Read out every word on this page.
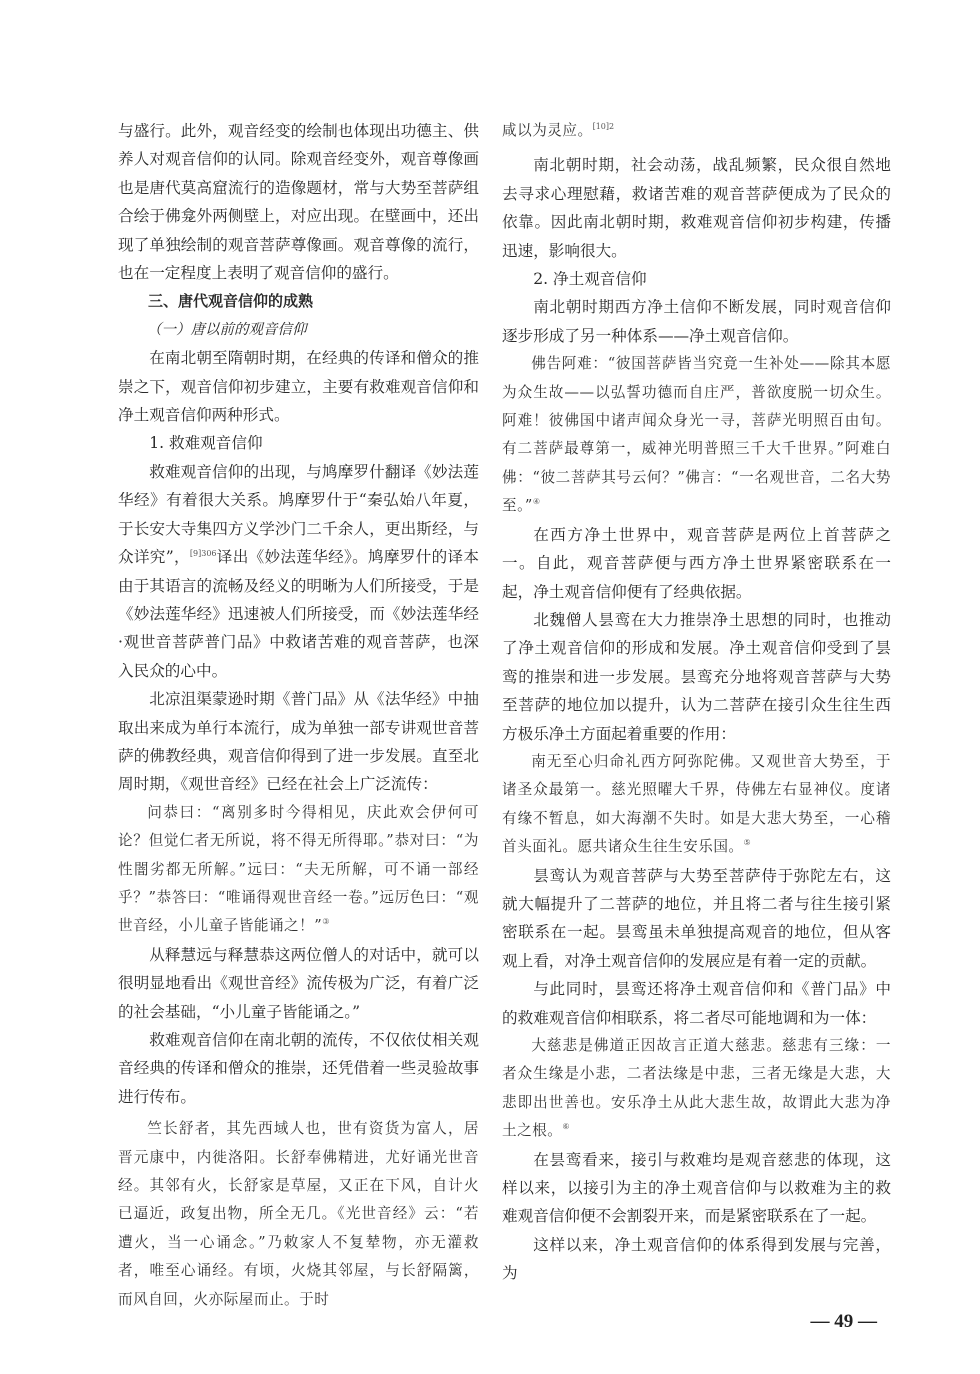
与盛行。此外，观音经变的绘制也体现出功德主、供养人对观音信仰的认同。除观音经变外，观音尊像画也是唐代莫高窟流行的造像题材，常与大势至菩萨组合绘于佛龛外两侧壁上，对应出现。在壁画中，还出现了单独绘制的观音菩萨尊像画。观音尊像的流行，也在一定程度上表明了观音信仰的盛行。

三、唐代观音信仰的成熟

（一）唐以前的观音信仰

在南北朝至隋朝时期，在经典的传译和僧众的推崇之下，观音信仰初步建立，主要有救难观音信仰和净土观音信仰两种形式。

1. 救难观音信仰

救难观音信仰的出现，与鸠摩罗什翻译《妙法莲华经》有着很大关系。鸠摩罗什于“秦弘始八年夏，于长安大寺集四方义学沙门二千余人，更出斯经，与众详究”，$^{[9]306}$译出《妙法莲华经》。鸠摩罗什的译本由于其语言的流畅及经义的明晰为人们所接受，于是《妙法莲华经》迅速被人们所接受，而《妙法莲华经·观世音菩萨普门品》中救诸苦难的观音菩萨，也深入民众的心中。

北凉沮渠蒙逊时期《普门品》从《法华经》中抽取出来成为单行本流行，成为单独一部专讲观世音菩萨的佛教经典，观音信仰得到了进一步发展。直至北周时期，《观世音经》已经在社会上广泛流传：

问恭曰：“离别多时今得相见，庆此欢会伊何可论？但觉仁者无所说，将不得无所得耶。”恭对曰：“为性闇劣都无所解。”远曰：“夫无所解，可不诵一部经乎？”恭答曰：“唯诵得观世音经一卷。”远厉色曰：“观世音经，小儿童子皆能诵之！”③

从释慧远与释慧恭这两位僧人的对话中，就可以很明显地看出《观世音经》流传极为广泛，有着广泛的社会基础，“小儿童子皆能诵之。”

救难观音信仰在南北朝的流传，不仅依仗相关观音经典的传译和僧众的推崇，还凭借着一些灵验故事进行传布。

竺长舒者，其先西域人也，世有资货为富人，居晋元康中，内徙洛阳。长舒奉佛精进，尤好诵光世音经。其邻有火，长舒家是草屋，又正在下风，自计火已逼近，政复出物，所全无几。《光世音经》云：“若遭火，当一心诵念。”乃敕家人不复辇物，亦无灌救者，唯至心诵经。有顷，火烧其邻屋，与长舒隔篱，而风自回，火亦际屋而止。于时

咸以为灵应。$^{[10]2}$

南北朝时期，社会动荡，战乱频繁，民众很自然地去寻求心理慰藉，救诸苦难的观音菩萨便成为了民众的依靠。因此南北朝时期，救难观音信仰初步构建，传播迅速，影响很大。

2. 净土观音信仰

南北朝时期西方净土信仰不断发展，同时观音信仰逐步形成了另一种体系——净土观音信仰。

佛告阿难：“彼国菩萨皆当究竟一生补处——除其本愿为众生故——以弘誓功德而自庄严，普欲度脱一切众生。阿难！彼佛国中诸声闻众身光一寻，菩萨光明照百由旬。有二菩萨最尊第一，威神光明普照三千大千世界。”阿难白佛：“彼二菩萨其号云何？”佛言：“一名观世音，二名大势至。”④

在西方净土世界中，观音菩萨是两位上首菩萨之一。自此，观音菩萨便与西方净土世界紧密联系在一起，净土观音信仰便有了经典依据。

北魏僧人昙鸾在大力推崇净土思想的同时，也推动了净土观音信仰的形成和发展。净土观音信仰受到了昙鸾的推崇和进一步发展。昙鸾充分地将观音菩萨与大势至菩萨的地位加以提升，认为二菩萨在接引众生往生西方极乐净土方面起着重要的作用：

南无至心归命礼西方阿弥陀佛。又观世音大势至，于诸圣众最第一。慈光照曜大千界，侍佛左右显神仪。度诸有缘不暂息，如大海潮不失时。如是大悲大势至，一心稽首头面礼。愿共诸众生往生安乐国。⑤

昙鸾认为观音菩萨与大势至菩萨侍于弥陀左右，这就大幅提升了二菩萨的地位，并且将二者与往生接引紧密联系在一起。昙鸾虽未单独提高观音的地位，但从客观上看，对净土观音信仰的发展应是有着一定的贡献。

与此同时，昙鸾还将净土观音信仰和《普门品》中的救难观音信仰相联系，将二者尽可能地调和为一体：

大慈悲是佛道正因故言正道大慈悲。慈悲有三缘：一者众生缘是小悲，二者法缘是中悲，三者无缘是大悲，大悲即出世善也。安乐净土从此大悲生故，故谓此大悲为净土之根。⑥

在昙鸾看来，接引与救难均是观音慈悲的体现，这样以来，以接引为主的净土观音信仰与以救难为主的救难观音信仰便不会割裂开来，而是紧密联系在了一起。

这样以来，净土观音信仰的体系得到发展与完善，为

— 49 —
